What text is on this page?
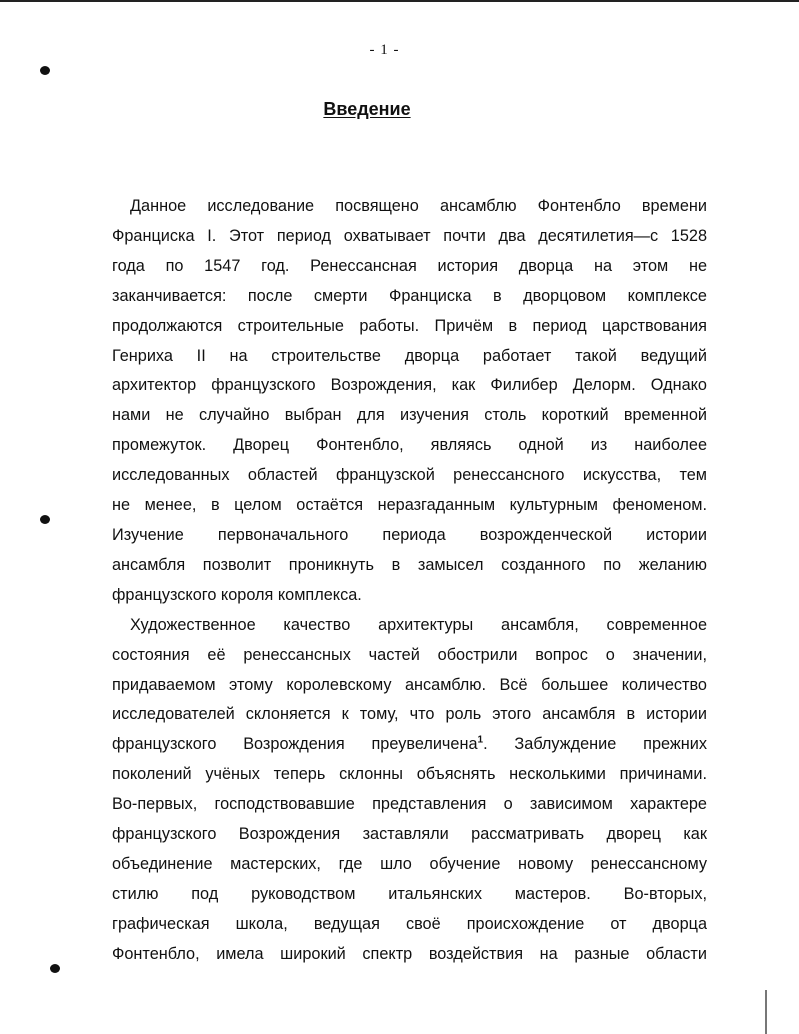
- 1 -
Введение
Данное исследование посвящено ансамблю Фонтенбло времени
Франциска I. Этот период охватывает почти два десятилетия—с 1528
года по 1547 год. Ренессансная история дворца на этом не
заканчивается: после смерти Франциска в дворцовом комплексе
продолжаются строительные работы. Причём в период царствования
Генриха II на строительстве дворца работает такой ведущий
архитектор французского Возрождения, как Филибер Делорм. Однако
нами не случайно выбран для изучения столь короткий временной
промежуток. Дворец Фонтенбло, являясь одной из наиболее
исследованных областей французской ренессансного искусства, тем
не менее, в целом остаётся неразгаданным культурным феноменом.
Изучение первоначального периода возрожденческой истории
ансамбля позволит проникнуть в замысел созданного по желанию
французского короля комплекса.
Художественное качество архитектуры ансамбля, современное
состояния её ренессансных частей обострили вопрос о значении,
придаваемом этому королевскому ансамблю. Всё большее количество
исследователей склоняется к тому, что роль этого ансамбля в истории
французского Возрождения преувеличена$^1$. Заблуждение прежних
поколений учёных теперь склонны объяснять несколькими причинами.
Во-первых, господствовавшие представления о зависимом характере
французского Возрождения заставляли рассматривать дворец как
объединение мастерских, где шло обучение новому ренессансному
стилю под руководством итальянских мастеров. Во-вторых,
графическая школа, ведущая своё происхождение от дворца
Фонтенбло, имела широкий спектр воздействия на разные области
